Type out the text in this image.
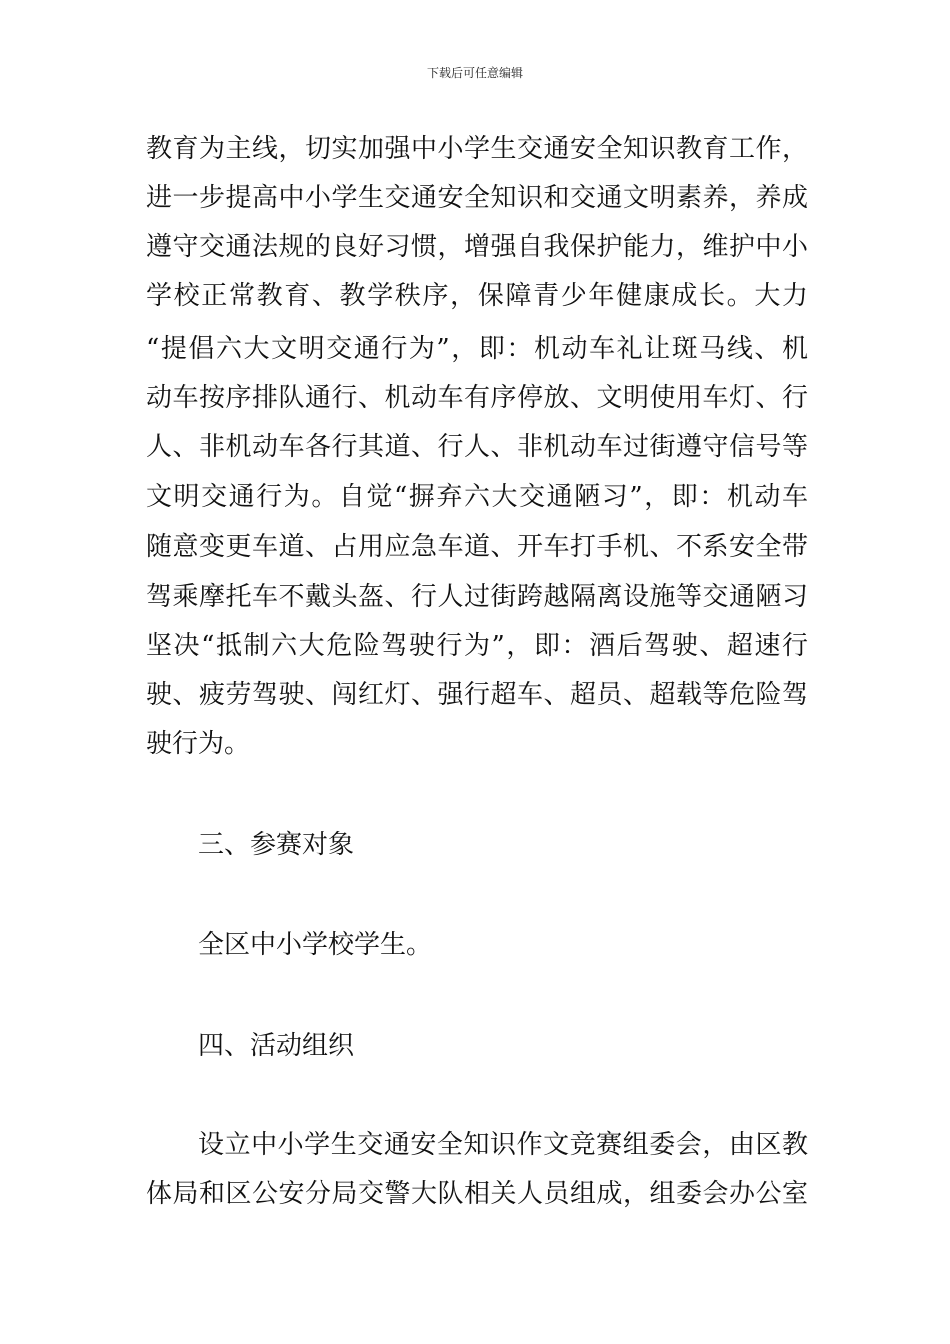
下载后可任意编辑
教育为主线，切实加强中小学生交通安全知识教育工作，
进一步提高中小学生交通安全知识和交通文明素养，养成
遵守交通法规的良好习惯，增强自我保护能力，维护中小
学校正常教育、教学秩序，保障青少年健康成长。大力
“提倡六大文明交通行为”，即：机动车礼让斑马线、机
动车按序排队通行、机动车有序停放、文明使用车灯、行
人、非机动车各行其道、行人、非机动车过街遵守信号等
文明交通行为。自觉“摒弃六大交通陋习”，即：机动车
随意变更车道、占用应急车道、开车打手机、不系安全带
驾乘摩托车不戴头盔、行人过街跨越隔离设施等交通陋习
坚决“抵制六大危险驾驶行为”，即：酒后驾驶、超速行
驶、疲劳驾驶、闯红灯、强行超车、超员、超载等危险驾
驶行为。
三、参赛对象
全区中小学校学生。
四、活动组织
设立中小学生交通安全知识作文竞赛组委会，由区教
体局和区公安分局交警大队相关人员组成，组委会办公室
